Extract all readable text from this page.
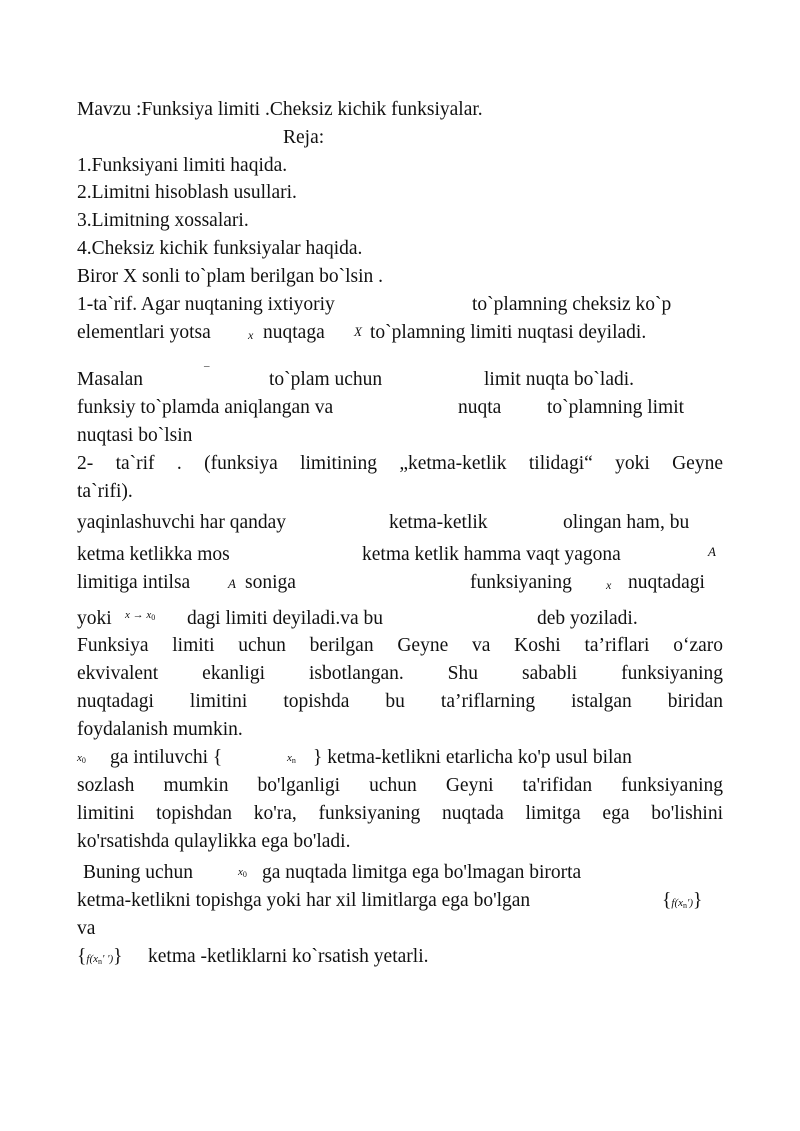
Mavzu :Funksiya limiti .Cheksiz kichik funksiyalar.
Reja:
1.Funksiyani limiti haqida.
2.Limitni hisoblash usullari.
3.Limitning xossalari.
4.Cheksiz kichik funksiyalar haqida.
Biror X sonli to`plam berilgan bo`lsin .
1-ta`rif. Agar nuqtaning ixtiyoriy	to`plamning cheksiz ko`p
elementlari yotsa	x nuqtaga X to`plamning limiti nuqtasi deyiladi.
–
Masalan	to`plam uchun	limit nuqta bo`ladi.
funksiy to`plamda aniqlangan va	nuqta to`plamning limit
nuqtasi bo`lsin
2- ta`rif . (funksiya limitining „ketma-ketlik tilidagi“ yoki Geyne
ta`rifi).
yaqinlashuvchi har qanday	ketma-ketlik	olingan ham, bu
ketma ketlikka mos	ketma ketlik hamma vaqt yagona	A
limitiga intilsa	A soniga	funksiyaning	x nuqtadagi
yoki $x \to x_0$ dagi limiti deyiladi.va bu	deb yoziladi.
Funksiya limiti uchun berilgan Geyne va Koshi ta’riflari o‘zaro
ekvivalent ekanligi isbotlangan. Shu sababli funksiyaning
nuqtadagi limitini topishda bu ta’riflarning istalgan biridan
foydalanish mumkin.
$x_0$ ga intiluvchi {	$x_n$ } ketma-ketlikni etarlicha ko'p usul bilan
sozlash mumkin bo'lganligi uchun Geyni ta'rifidan funksiyaning
limitini topishdan ko'ra, funksiyaning nuqtada limitga ega bo'lishini
ko'rsatishda qulaylikka ega bo'ladi.
Buning uchun	$x_0$ ga nuqtada limitga ega bo'lmagan birorta
ketma-ketlikni topishga yoki har xil limitlarga ega bo'lgan	$\{f(x_n')\}$
va
{$f(x_n'$ ')} ketma -ketliklarni ko`rsatish yetarli.
